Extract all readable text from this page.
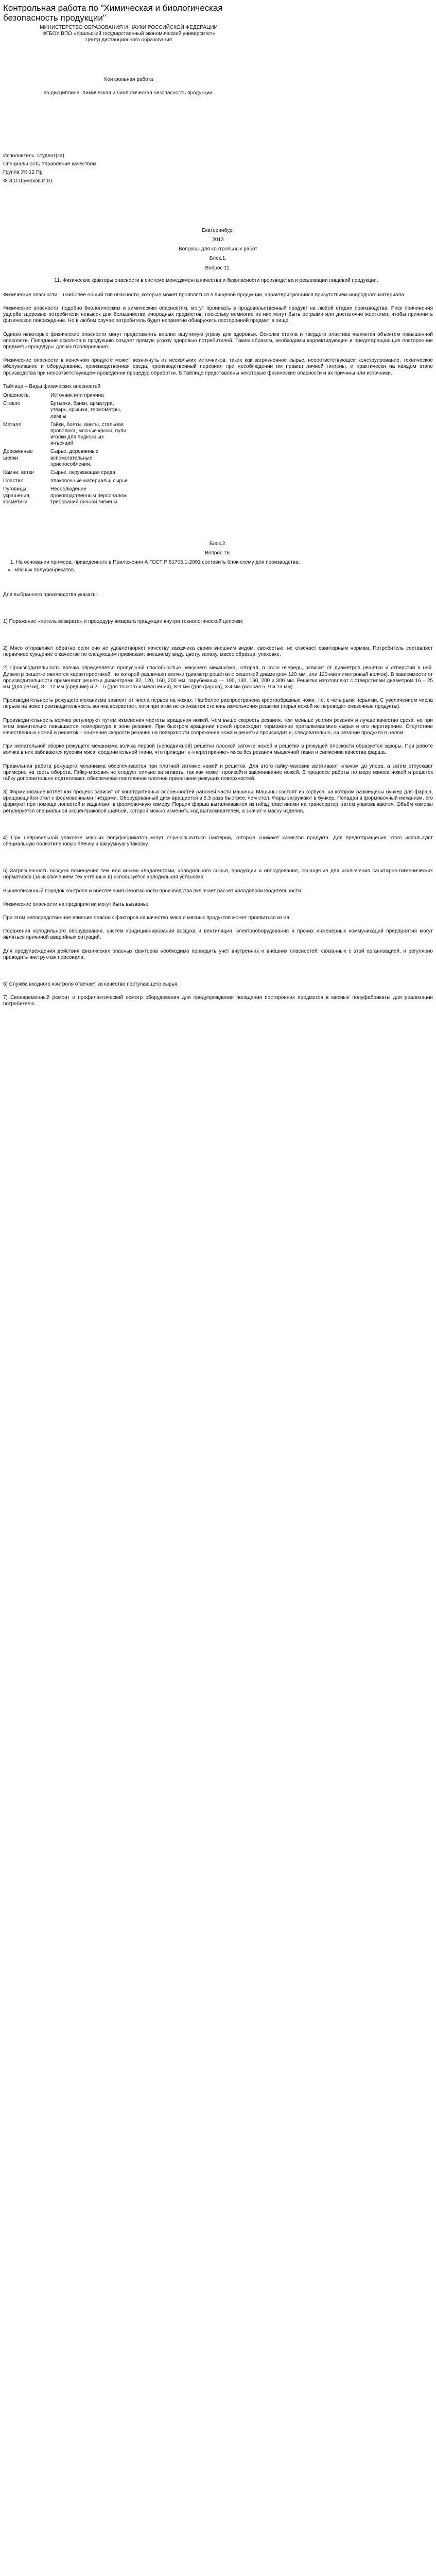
Контрольная работа по "Химическая и биологическая безопасность продукции"
МИНИСТЕРСТВО ОБРАЗОВАНИЯ И НАУКИ РОССИЙСКОЙ ФЕДЕРАЦИИ
ФГБОУ ВПО «Уральский государственный экономический университет»
Центр дистанционного образования
Контрольная работа
по дисциплине: Химическая и биологическая безопасность продукции.
Исполнитель: студент(ка)
Специальность Управление качеством
Группа УК-12 Пр
Ф.И.О Шумаков И.Ю.
Екатеринбург
2013
Вопросы для контрольных работ
Блок.1.
Вопрос 11.
11. Физические факторы опасности в системе менеджмента качества и безопасности производства и реализации пищевой продукции.
Физические опасности – наиболее общий тип опасности, которые может проявляться в пищевой продукции, характеризующийся присутствием инородного материала.
Физические опасности, подобно биологическим и химическим опасностям, могут проникать в продовольственный продукт на любой стадии производства. Риск причинения ущерба здоровью потребителя невысок для большинства инородных предметов, поскольку немногие из них могут быть острыми или достаточно жесткими, чтобы причинить физическое повреждение. Но в любом случае потребитель будет неприятно обнаружить посторонний предмет в пище.
Однако некоторые физические опасности могут представлять вполне ощутимую угрозу для здоровья. Осколки стекла и твердого пластика являются объектом повышенной опасности. Попадание осколков в продукцию создает прямую угрозу здоровью потребителей. Таким образом, необходимы корректирующие и предотвращающие посторонние предметы процедуры для контролирования.
Физические опасности в конечном продукте может возникнуть из нескольких источников, таких как загрязненное сырье, несоответствующее конструирование, техническое обслуживание и оборудование, производственная среда, производственный персонал при несоблюдении им правил личной гигиены, и практически на каждом этапе производства при несоответствующем проведении процедур обработки. В Таблице представлены некоторые физические опасности и их причины или источники.
Таблица – Виды физических опасностей
Опасность:	Источник или причина
Стекло	Бутылки, банки, арматура, утварь, крышки, термометры, лампы
Металл	Гайки, болты, винты, стальная проволока, мясные крюки, пули, иголки для подкожных инъекций.
Деревянные щепки	Сырье, деревянные вспомогательные приспособления.
Камни, ветки	Сырье, окружающая среда.
Пластик	Упаковочные материалы, сырье
Пуговицы, украшения, косметики.	Несоблюдение производственным персоналом требований личной гигиены.
Блок.2.
Вопрос 16.
1. На основании примера, приведенного в Приложении А ГОСТ Р 51705.1-2001 составить блок-схему для производства:
• мясных полуфабрикатов.
Для выбранного производства указать:
1) Поражение «петель возврата» и процедуру возврата продукции внутри технологической цепочки:
2) Мясо отправляют обратно если оно не удовлетворяет качеству заказчика своим внешним видом, свежестью, не отвечает санитарным нормам. Потребитель составляет первичное суждение о качестве по следующим признакам: внешнему виду, цвету, запаху, массе образца, упаковке.
2) Производительность волчка определяется пропускной способностью режущего механизма, которая, в свою очередь, зависит от диаметров решетки и отверстий в ней. Диаметр решетки является характеристикой, по которой различают волчки (диаметр решётки с решеткой диаметром 120 мм, или 120-миллиметровый волчок). В зависимости от производительности применяют решетки диаметрами 82, 120, 160, 200 мм, зарубежных — 100, 130, 160, 200 и 300 мм. Решётки изготовляют с отверстиями диаметром 16 – 25 мм (для резки), 8 – 12 мм (средние) и 2 – 5 (для тонкого измельчения), 8-9 мм (для фарша), 3-4 мм (ионная 5, 9 и 13 мм).
Производительность режущего механизма зависит от числа перьев на ножах. Наиболее распространена крестообразные ножи, т.е. с четырьмя перьями. С увеличением числа перьев на ноже производительность волчка возрастает, хотя при этом не снижается степень измельчения решетки (перья ножей не переводят смазочные продукты).
Производительность волчка регулируют путем изменения частоты вращения ножей. Чем выше скорость резания, тем меньше усилия резания и лучше качество среза, но при этом значительно повышается температура в зоне резания. При быстром вращении ножей происходит торможение проталкиваемого сырья и его перетирание. Отсутствие качественных ножей и решеток – снижение скорости резания на поверхности сопряжения ножа и решетки происходит и, следовательно, на резание продукта в целом.
При желательной сборке режущего механизма волчка первой (неподвижной) решетки плоской заточке ножей и решетки в режущей плоскости образуется зазоры. При работе волчка в них забиваются кусочки мяса, соединительной ткани, что приводит к «перетиранию» мяса без резания мышечной ткани и снижению качества фарша.
Правильная работа режущего механизма обеспечивается при плотной затяжке ножей и решеток. Для этого гайку-маховик затягивают ключом до упора, а затем отпускают примерно на треть оборота. Гайку-маховик не следует сильно затягивать, так как может произойти заклинивание ножей. В процессе работы по мере износа ножей и решеток гайку дополнительно подтягивают, обеспечивая постоянное плотное прилегание режущих поверхностей.
3) Формирование котлет как процесс зависит от конструктивных особенностей рабочей части машины. Машины состоят из корпуса, на котором размещены бункер для фарша, вращающийся стол с формовочными гнёздами. Оборудованный диск вращается в 5,3 раза быстрее, чем стол. Фарш загружают в бункер. Попадая в формовочный механизм, его формуют при помощи лопастей и задвигают в формовочную камеру. Порции фарша выталкиваются из гнёзд пластинами на транспортер, затем упаковываются. Объём камеры регулируется специальной эксцентриковой шайбой, которой можно изменить ход выталкивателей, а значит и массу изделия.
4) При неправильной упаковке мясных полуфабрикатов могут образовываться бактерии, которые снижают качество продукта. Для предотвращения этого используют специальную полиэтиленовую плёнку и вакуумную упаковку.
5) Загрязненность воздуха помещения тем или иными кладагентами, холодильного сырья, продукции и оборудования, оснащения для исключения санитарно-гигиенических нормативов (за исключением тех учтённых в) используется холодильная установка.
Вышеописанный порядок контроля и обеспечения безопасности производства включает расчёт холодопроизводительности.
Физические опасности на предприятии могут быть вызваны:
При этом непосредственное влияние опасных факторов на качество мяса и мясных продуктов может проявиться из-за:
Поражения холодильного оборудования, систем кондиционирования воздуха и вентиляции, электрооборудования и прочих инженерных коммуникаций предприятия могут являться причиной аварийных ситуаций.
Для предупреждения действия физических опасных факторов необходимо проводить учет внутренних и внешних опасностей, связанных с этой организацией, и регулярно проводить инструктаж персонала.
6) Служба входного контроля отвечает за качество поступающего сырья.
7) Своевременный ремонт и профилактический осмотр оборудования для предупреждения попадания посторонних предметов в мясные полуфабрикаты для реализации потребителю.
